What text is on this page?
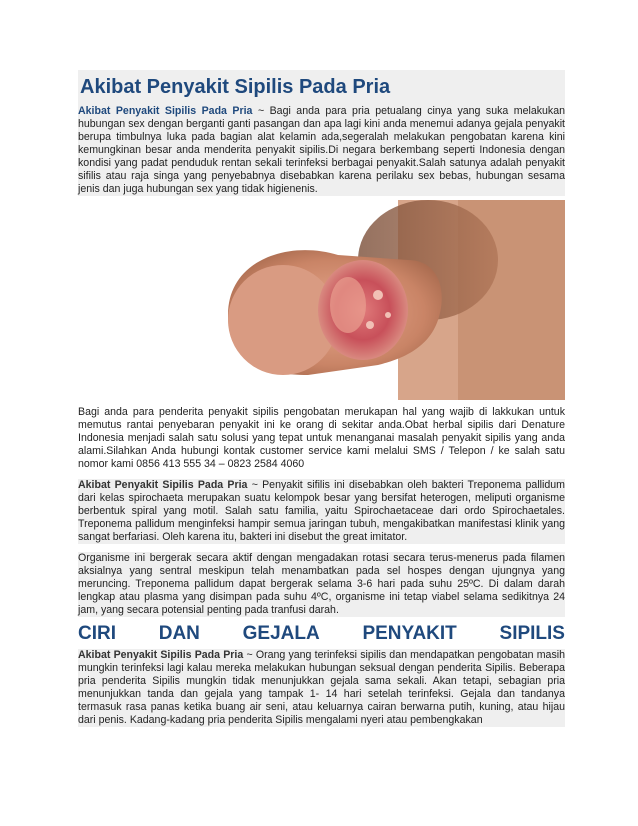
Akibat Penyakit Sipilis Pada Pria

Akibat Penyakit Sipilis Pada Pria ~ Bagi anda para pria petualang cinya yang suka melakukan hubungan sex dengan berganti ganti pasangan dan apa lagi kini anda menemui adanya gejala penyakit berupa timbulnya luka pada bagian alat kelamin ada,segeralah melakukan pengobatan karena kini kemungkinan besar anda menderita penyakit sipilis.Di negara berkembang seperti Indonesia dengan kondisi yang padat penduduk rentan sekali terinfeksi berbagai penyakit.Salah satunya adalah penyakit sifilis atau raja singa yang penyebabnya disebabkan karena perilaku sex bebas, hubungan sesama jenis dan juga hubungan sex yang tidak higienenis.

Bagi anda para penderita penyakit sipilis pengobatan merukapan hal yang wajib di lakkukan untuk memutus rantai penyebaran penyakit ini ke orang di sekitar anda.Obat herbal sipilis dari Denature Indonesia menjadi salah satu solusi yang tepat untuk menanganai masalah penyakit sipilis yang anda alami.Silahkan Anda hubungi kontak customer service kami melalui SMS / Telepon / ke salah satu nomor kami 0856 413 555 34 – 0823 2584 4060

Akibat Penyakit Sipilis Pada Pria ~ Penyakit sifilis ini disebabkan oleh bakteri Treponema pallidum dari kelas spirochaeta merupakan suatu kelompok besar yang bersifat heterogen, meliputi organisme berbentuk spiral yang motil. Salah satu familia, yaitu Spirochaetaceae dari ordo Spirochaetales. Treponema pallidum menginfeksi hampir semua jaringan tubuh, mengakibatkan manifestasi klinik yang sangat berfariasi. Oleh karena itu, bakteri ini disebut the great imitator.

Organisme ini bergerak secara aktif dengan mengadakan rotasi secara terus-menerus pada filamen aksialnya yang sentral meskipun telah menambatkan pada sel hospes dengan ujungnya yang meruncing. Treponema pallidum dapat bergerak selama 3-6 hari pada suhu 25ºC. Di dalam darah lengkap atau plasma yang disimpan pada suhu 4ºC, organisme ini tetap viabel selama sedikitnya 24 jam, yang secara potensial penting pada tranfusi darah.

CIRI DAN GEJALA PENYAKIT SIPILIS

Akibat Penyakit Sipilis Pada Pria ~ Orang yang terinfeksi sipilis dan mendapatkan pengobatan masih mungkin terinfeksi lagi kalau mereka melakukan hubungan seksual dengan penderita Sipilis. Beberapa pria penderita Sipilis mungkin tidak menunjukkan gejala sama sekali. Akan tetapi, sebagian pria menunjukkan tanda dan gejala yang tampak 1- 14 hari setelah terinfeksi. Gejala dan tandanya termasuk rasa panas ketika buang air seni, atau keluarnya cairan berwarna putih, kuning, atau hijau dari penis. Kadang-kadang pria penderita Sipilis mengalami nyeri atau pembengkakan
